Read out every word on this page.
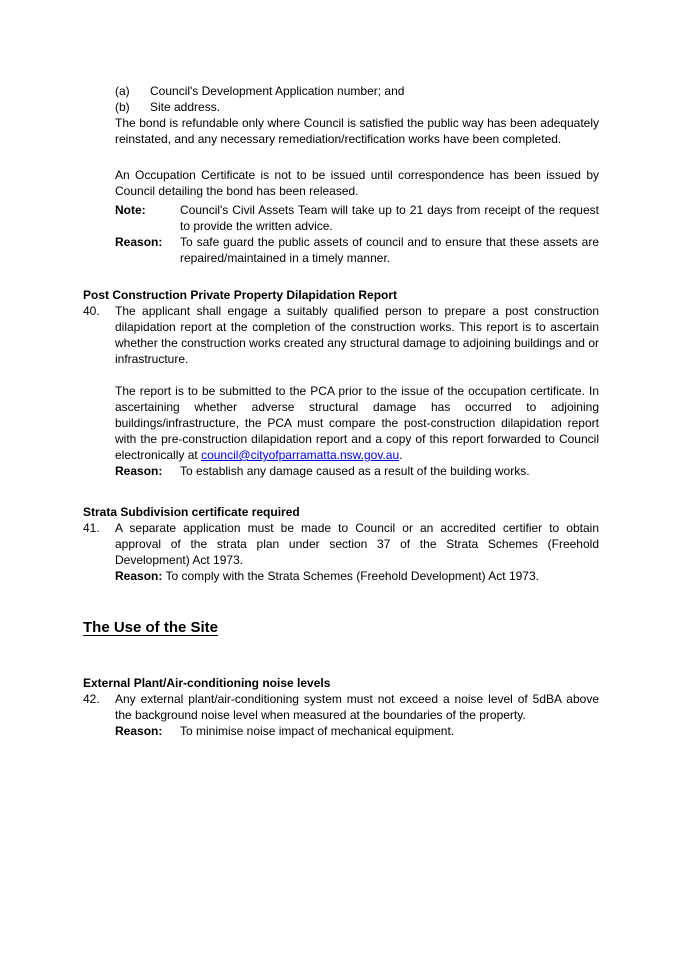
(a)	Council's Development Application number; and
(b)	Site address.
The bond is refundable only where Council is satisfied the public way has been adequately reinstated, and any necessary remediation/rectification works have been completed.
An Occupation Certificate is not to be issued until correspondence has been issued by Council detailing the bond has been released.
Note:	Council's Civil Assets Team will take up to 21 days from receipt of the request to provide the written advice.
Reason:	To safe guard the public assets of council and to ensure that these assets are repaired/maintained in a timely manner.
Post Construction Private Property Dilapidation Report
40.	The applicant shall engage a suitably qualified person to prepare a post construction dilapidation report at the completion of the construction works. This report is to ascertain whether the construction works created any structural damage to adjoining buildings and or infrastructure.
The report is to be submitted to the PCA prior to the issue of the occupation certificate. In ascertaining whether adverse structural damage has occurred to adjoining buildings/infrastructure, the PCA must compare the post-construction dilapidation report with the pre-construction dilapidation report and a copy of this report forwarded to Council electronically at council@cityofparramatta.nsw.gov.au.
Reason:	To establish any damage caused as a result of the building works.
Strata Subdivision certificate required
41.	A separate application must be made to Council or an accredited certifier to obtain approval of the strata plan under section 37 of the Strata Schemes (Freehold Development) Act 1973.
Reason: To comply with the Strata Schemes (Freehold Development) Act 1973.
The Use of the Site
External Plant/Air-conditioning noise levels
42.	Any external plant/air-conditioning system must not exceed a noise level of 5dBA above the background noise level when measured at the boundaries of the property.
Reason:	To minimise noise impact of mechanical equipment.
